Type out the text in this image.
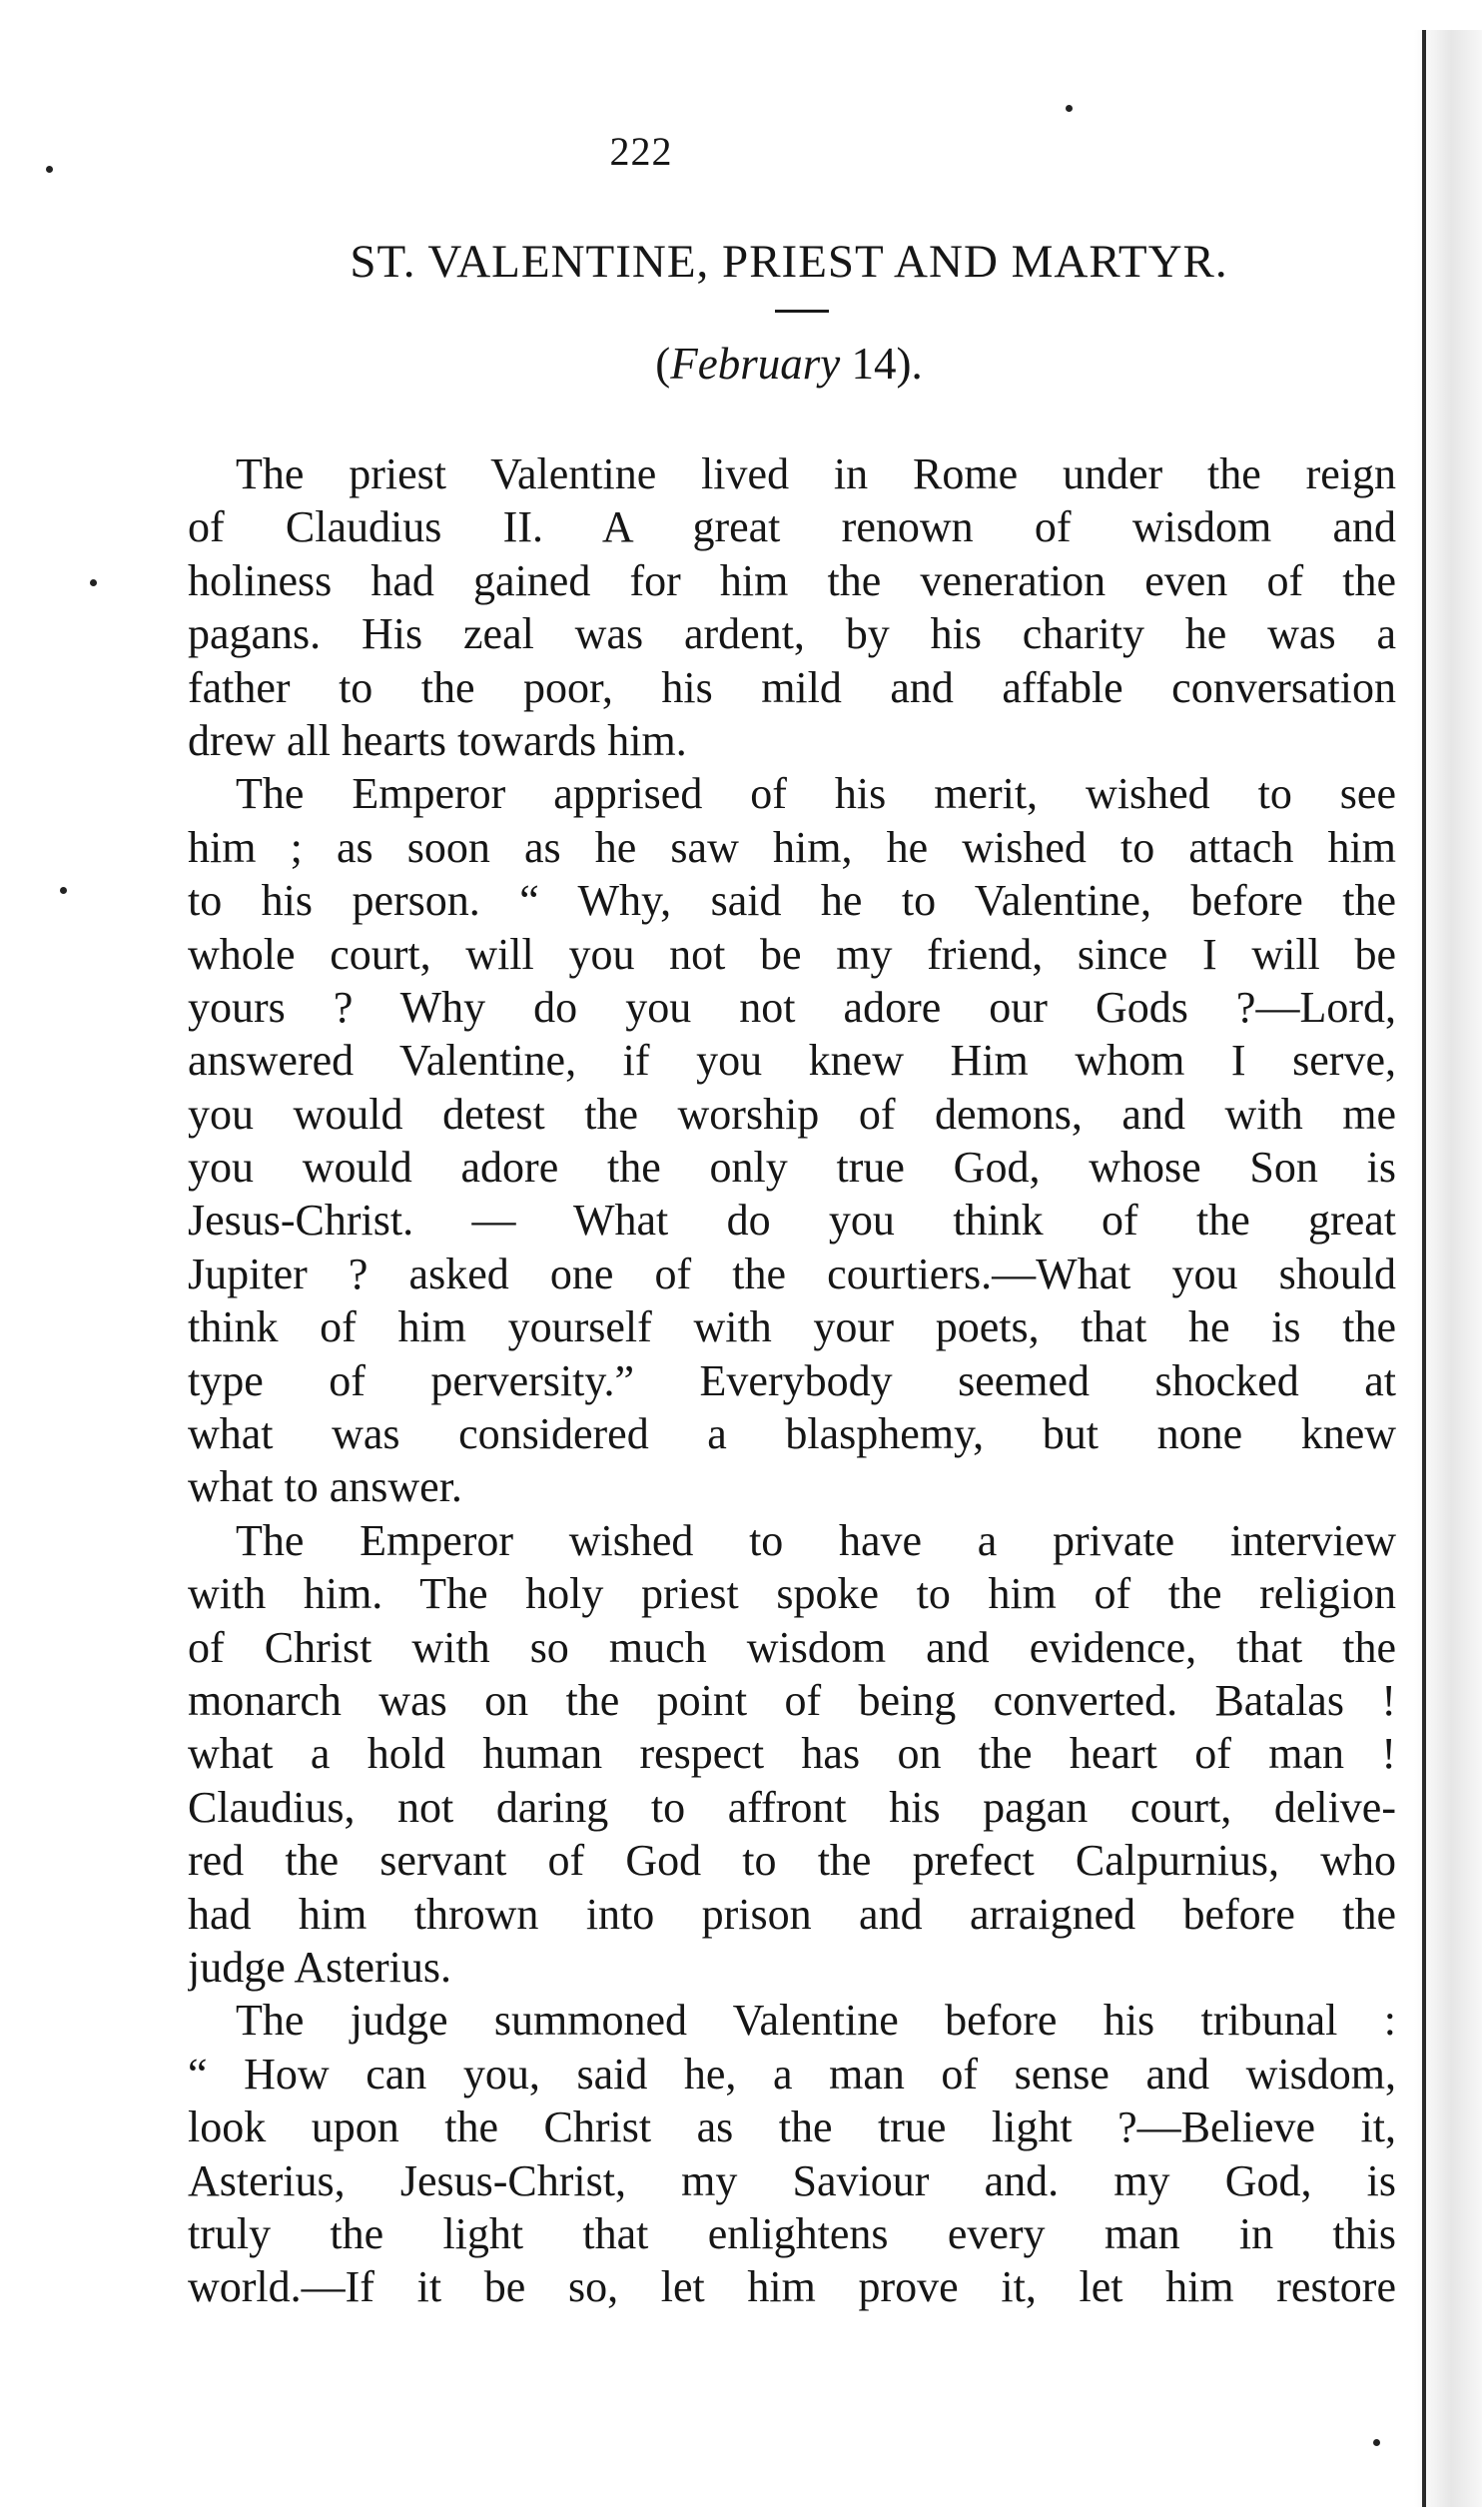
222
ST. VALENTINE, PRIEST AND MARTYR.
(February 14).
The priest Valentine lived in Rome under the reign
of Claudius II. A great renown of wisdom and
holiness had gained for him the veneration even of the
pagans. His zeal was ardent, by his charity he was a
father to the poor, his mild and affable conversation
drew all hearts towards him.
The Emperor apprised of his merit, wished to see
him ; as soon as he saw him, he wished to attach him
to his person. “ Why, said he to Valentine, before the
whole court, will you not be my friend, since I will be
yours ? Why do you not adore our Gods ?—Lord,
answered Valentine, if you knew Him whom I serve,
you would detest the worship of demons, and with me
you would adore the only true God, whose Son is
Jesus-Christ. — What do you think of the great
Jupiter ? asked one of the courtiers.—What you should
think of him yourself with your poets, that he is the
type of perversity.” Everybody seemed shocked at
what was considered a blasphemy, but none knew
what to answer.
The Emperor wished to have a private interview
with him. The holy priest spoke to him of the religion
of Christ with so much wisdom and evidence, that the
monarch was on the point of being converted. Batalas !
what a hold human respect has on the heart of man !
Claudius, not daring to affront his pagan court, delive-
red the servant of God to the prefect Calpurnius, who
had him thrown into prison and arraigned before the
judge Asterius.
The judge summoned Valentine before his tribunal :
“ How can you, said he, a man of sense and wisdom,
look upon the Christ as the true light ?—Believe it,
Asterius, Jesus-Christ, my Saviour and. my God, is
truly the light that enlightens every man in this
world.—If it be so, let him prove it, let him restore
